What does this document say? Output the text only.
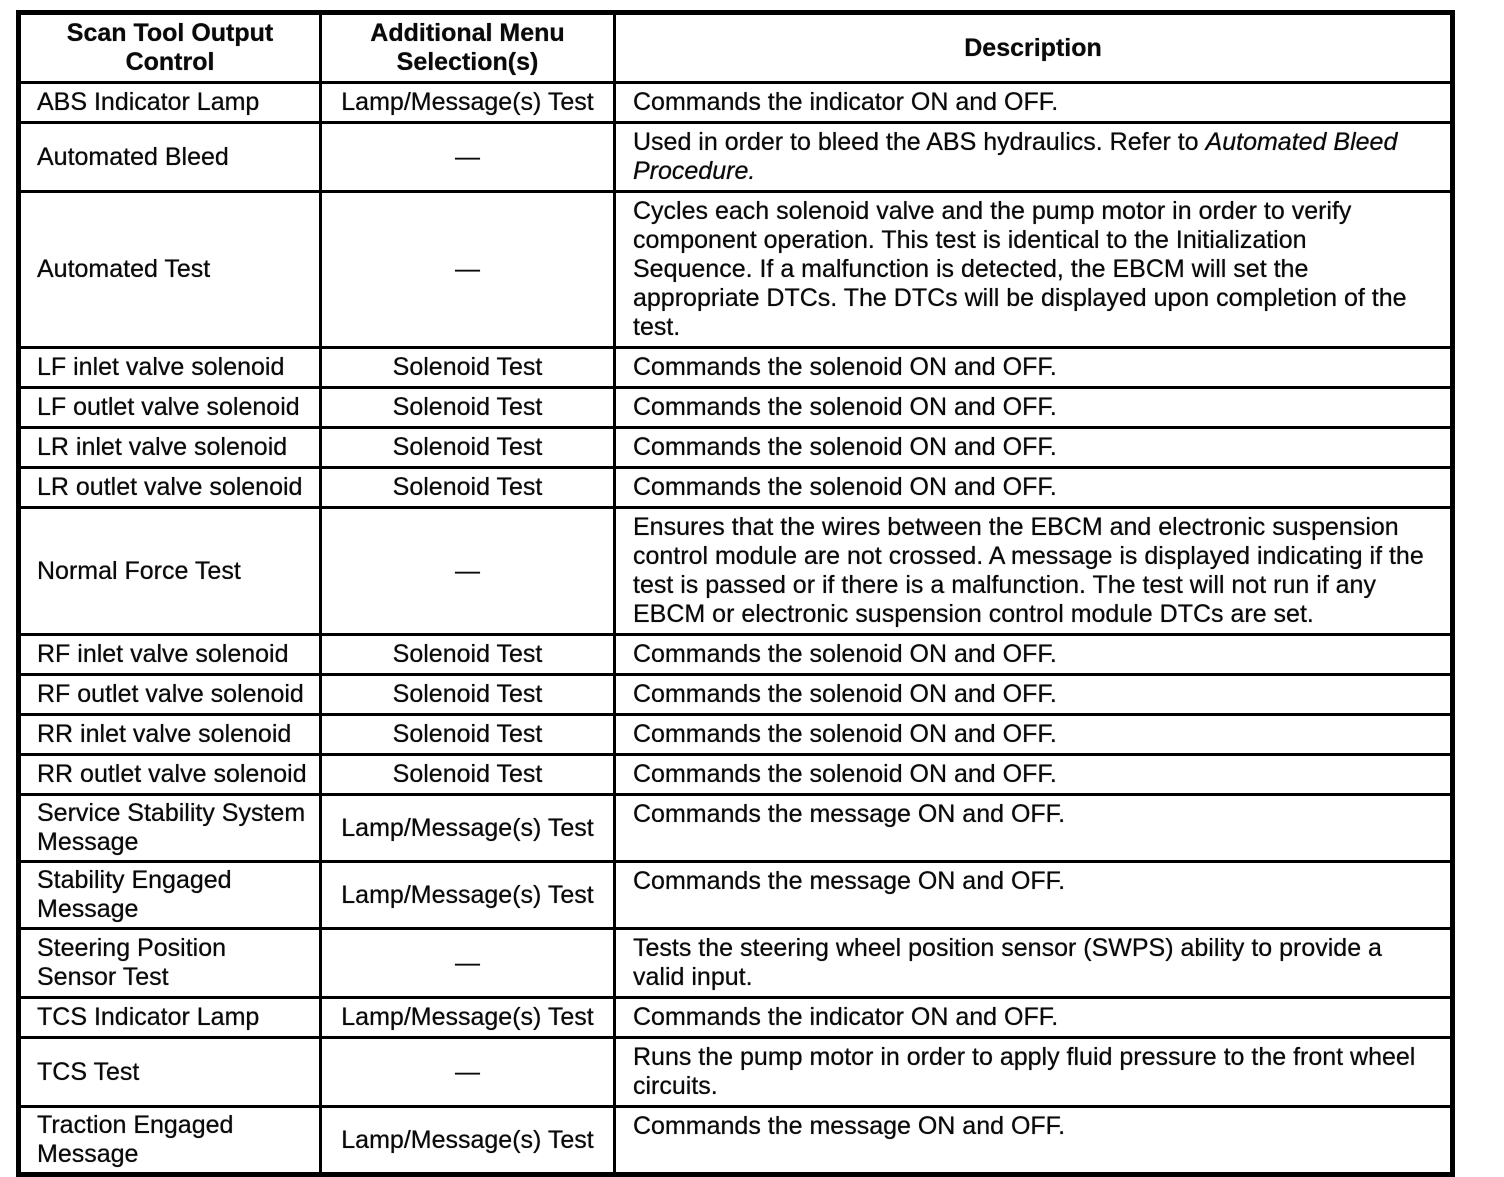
Scan Tool Output Control	Additional Menu Selection(s)	Description
ABS Indicator Lamp	Lamp/Message(s) Test	Commands the indicator ON and OFF.

Automated Bleed	—	Used in order to bleed the ABS hydraulics. Refer to Automated Bleed Procedure.

Automated Test	—	Cycles each solenoid valve and the pump motor in order to verify component operation. This test is identical to the Initialization Sequence. If a malfunction is detected, the EBCM will set the appropriate DTCs. The DTCs will be displayed upon completion of the test.

LF inlet valve solenoid	Solenoid Test	Commands the solenoid ON and OFF.

LF outlet valve solenoid	Solenoid Test	Commands the solenoid ON and OFF.

LR inlet valve solenoid	Solenoid Test	Commands the solenoid ON and OFF.

LR outlet valve solenoid	Solenoid Test	Commands the solenoid ON and OFF.

Normal Force Test	—	Ensures that the wires between the EBCM and electronic suspension control module are not crossed. A message is displayed indicating if the test is passed or if there is a malfunction. The test will not run if any EBCM or electronic suspension control module DTCs are set.

RF inlet valve solenoid	Solenoid Test	Commands the solenoid ON and OFF.

RF outlet valve solenoid	Solenoid Test	Commands the solenoid ON and OFF.

RR inlet valve solenoid	Solenoid Test	Commands the solenoid ON and OFF.

RR outlet valve solenoid	Solenoid Test	Commands the solenoid ON and OFF.

Service Stability System Message	Lamp/Message(s) Test	Commands the message ON and OFF.

Stability Engaged Message	Lamp/Message(s) Test	Commands the message ON and OFF.

Steering Position Sensor Test	—	Tests the steering wheel position sensor (SWPS) ability to provide a valid input.

TCS Indicator Lamp	Lamp/Message(s) Test	Commands the indicator ON and OFF.

TCS Test	—	Runs the pump motor in order to apply fluid pressure to the front wheel circuits.

Traction Engaged Message	Lamp/Message(s) Test	Commands the message ON and OFF.
